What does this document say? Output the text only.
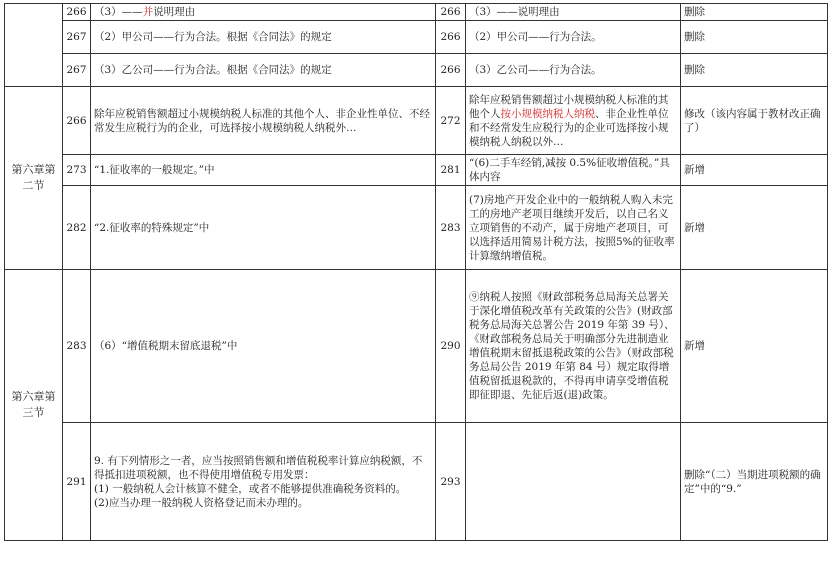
	266	（3）——并说明理由	266	（3）——说明理由	删除
	267	（2）甲公司——行为合法。根据《合同法》的规定	266	（2）甲公司——行为合法。	删除
	267	（3）乙公司——行为合法。根据《合同法》的规定	266	（3）乙公司——行为合法。	删除
第六章第二节	266	除年应税销售额超过小规模纳税人标准的其他个人、非企业性单位、不经常发生应税行为的企业，可选择按小规模纳税人纳税外…	272	除年应税销售额超过小规模纳税人标准的其他个人按小规模纳税人纳税、非企业性单位和不经常发生应税行为的企业可选择按小规模纳税人纳税以外…	修改（该内容属于教材改正确了）
	273	“1.征收率的一般规定。”中	281	“(6)二手车经销,减按 0.5%征收增值税。”具体内容	新增
	282	“2.征收率的特殊规定”中	283	(7)房地产开发企业中的一般纳税人购入未完工的房地产老项目继续开发后，以自己名义立项销售的不动产，属于房地产老项目，可以选择适用简易计税方法，按照5%的征收率计算缴纳增值税。	新增
第六章第三节	283	（6）“增值税期末留底退税”中	290	⑨纳税人按照《财政部税务总局海关总署关于深化增值税改革有关政策的公告》(财政部税务总局海关总署公告 2019 年第 39 号）、《财政部税务总局关于明确部分先进制造业增值税期末留抵退税政策的公告》（财政部税务总局公告 2019 年第 84 号）规定取得增值税留抵退税款的，不得再申请享受增值税即征即退、先征后返(退)政策。	新增
	291	9. 有下列情形之一者，应当按照销售额和增值税税率计算应纳税额，不得抵扣进项税额，也不得使用增值税专用发票：
(1) 一般纳税人会计核算不健全，或者不能够提供准确税务资料的。
(2)应当办理一般纳税人资格登记而未办理的。	293		删除“（二）当期进项税额的确定”中的“9.”
